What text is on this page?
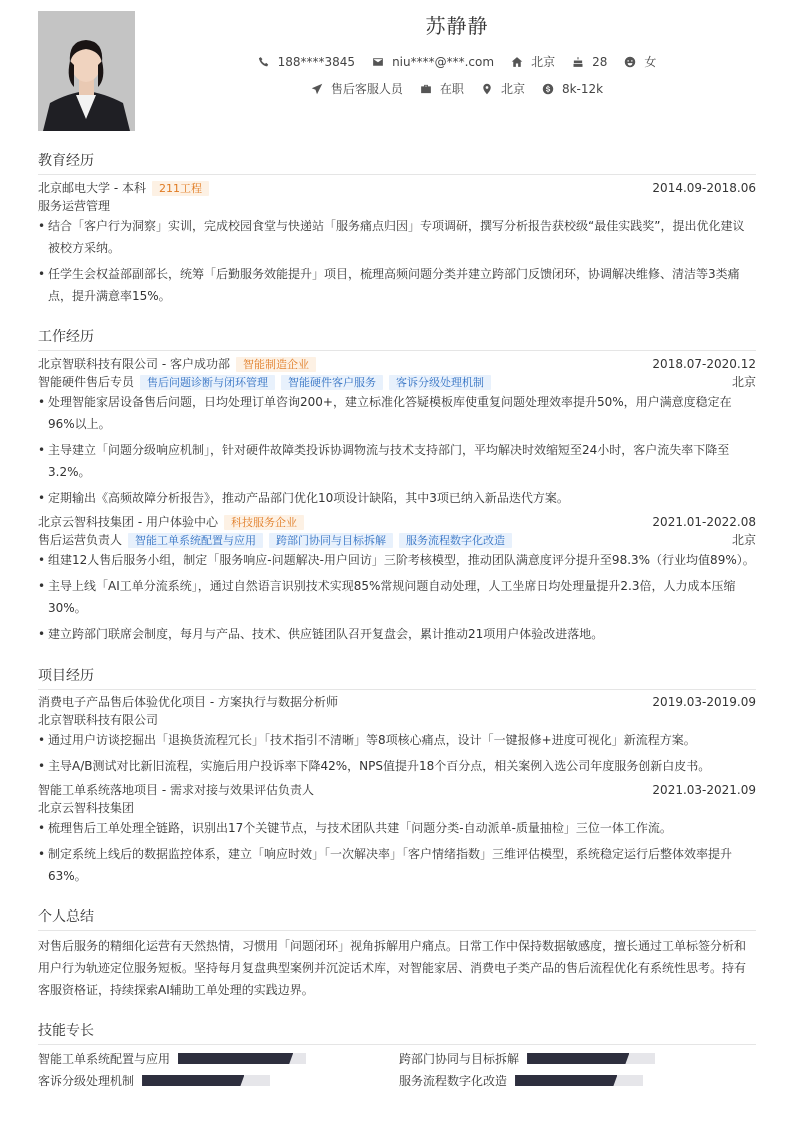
苏静静
188****3845	niu****@***.com	北京	28	女
售后客服人员	在职	北京	8k-12k
教育经历
北京邮电大学 - 本科	211工程	2014.09-2018.06
服务运营管理
• 结合「客户行为洞察」实训，完成校园食堂与快递站「服务痛点归因」专项调研，撰写分析报告获校级“最佳实践奖”，提出优化建议被校方采纳。
• 任学生会权益部副部长，统筹「后勤服务效能提升」项目，梳理高频问题分类并建立跨部门反馈闭环，协调解决维修、清洁等3类痛点，提升满意率15%。
工作经历
北京智联科技有限公司 - 客户成功部	智能制造企业	2018.07-2020.12
智能硬件售后专员	售后问题诊断与闭环管理	智能硬件客户服务	客诉分级处理机制	北京
• 处理智能家居设备售后问题，日均处理订单咨询200+，建立标准化答疑模板库使重复问题处理效率提升50%，用户满意度稳定在96%以上。
• 主导建立「问题分级响应机制」，针对硬件故障类投诉协调物流与技术支持部门，平均解决时效缩短至24小时，客户流失率下降至3.2%。
• 定期输出《高频故障分析报告》，推动产品部门优化10项设计缺陷，其中3项已纳入新品迭代方案。
北京云智科技集团 - 用户体验中心	科技服务企业	2021.01-2022.08
售后运营负责人	智能工单系统配置与应用	跨部门协同与目标拆解	服务流程数字化改造	北京
• 组建12人售后服务小组，制定「服务响应-问题解决-用户回访」三阶考核模型，推动团队满意度评分提升至98.3%（行业均值89%）。
• 主导上线「AI工单分流系统」，通过自然语言识别技术实现85%常规问题自动处理，人工坐席日均处理量提升2.3倍，人力成本压缩30%。
• 建立跨部门联席会制度，每月与产品、技术、供应链团队召开复盘会，累计推动21项用户体验改进落地。
项目经历
消费电子产品售后体验优化项目 - 方案执行与数据分析师	2019.03-2019.09
北京智联科技有限公司
• 通过用户访谈挖掘出「退换货流程冗长」「技术指引不清晰」等8项核心痛点，设计「一键报修+进度可视化」新流程方案。
• 主导A/B测试对比新旧流程，实施后用户投诉率下降42%，NPS值提升18个百分点，相关案例入选公司年度服务创新白皮书。
智能工单系统落地项目 - 需求对接与效果评估负责人	2021.03-2021.09
北京云智科技集团
• 梳理售后工单处理全链路，识别出17个关键节点，与技术团队共建「问题分类-自动派单-质量抽检」三位一体工作流。
• 制定系统上线后的数据监控体系，建立「响应时效」「一次解决率」「客户情绪指数」三维评估模型，系统稳定运行后整体效率提升63%。
个人总结
对售后服务的精细化运营有天然热情，习惯用「问题闭环」视角拆解用户痛点。日常工作中保持数据敏感度，擅长通过工单标签分析和用户行为轨迹定位服务短板。坚持每月复盘典型案例并沉淀话术库，对智能家居、消费电子类产品的售后流程优化有系统性思考。持有客服资格证，持续探索AI辅助工单处理的实践边界。
技能专长
智能工单系统配置与应用	跨部门协同与目标拆解
客诉分级处理机制	服务流程数字化改造
